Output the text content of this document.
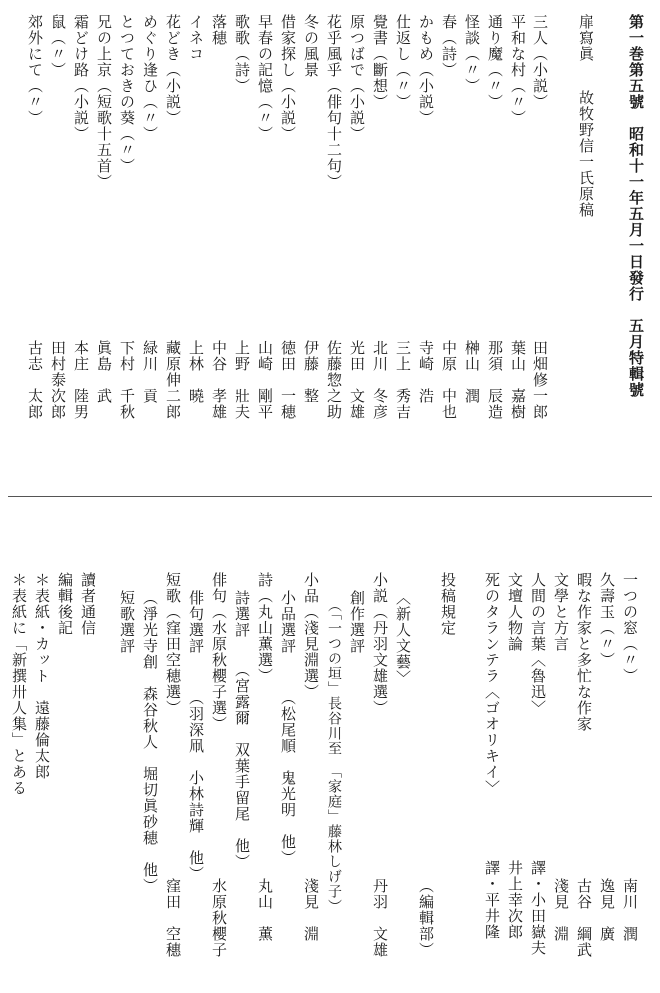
第一巻第五號　昭和十一年五月一日發行　五月特輯號
扉寫眞
故牧野信一氏原稿
三人（小説）
平和な村（〃）
通り魔（〃）
怪談（〃）
春（詩）
かもめ（小説）
仕返し（〃）
覺書（斷想）
原つばで（小説）
花乎風乎（俳句十二句）
冬の風景
借家探し（小説）
早春の記憶（〃）
歌歌（詩）
落穂
イネコ
花どき（小説）
めぐり逢ひ（〃）
とつておきの葵（〃）
兄の上京（短歌十五首）
霜どけ路（小説）
鼠（〃）
郊外にて（〃）
田畑修一郎
葉山　嘉樹
那須　辰造
榊山　潤
中原　中也
寺崎　浩
三上　秀吉
北川　冬彦
光田　文雄
佐藤惣之助
伊藤　整
徳田　一穂
山崎　剛平
上野　壯夫
中谷　孝雄
上林　曉
藏原伸二郎
緑川　貢
下村　千秋
眞島　武
本庄　陸男
田村泰次郎
古志　太郎
一つの窓（〃）
南川　潤
久壽玉（〃）
逸見　廣
暇な作家と多忙な作家
古谷　綱武
文學と方言
淺見　淵
人間の言葉〈魯迅〉
譯・小田嶽夫
文壇人物論
井上幸次郎
死のタランテラ〈ゴオリキイ〉
譯・平井隆
投稿規定
（編輯部）
〈新人文藝〉
小説（丹羽文雄選）
丹羽　文雄
創作選評
（「一つの垣」長谷川至　「家庭」藤林しげ子）
小品（淺見淵選）
淺見　淵
小品選評
（松尾順　鬼光明　他）
詩（丸山薫選）
丸山　薫
詩選評
（宮露爾　双葉手留尾　他）
俳句（水原秋櫻子選）
水原秋櫻子
俳句選評
（羽深凧　小林詩輝　他）
短歌（窪田空穂選）
窪田　空穗
（淨光寺創　森谷秋人　堀切眞砂穂　他）
短歌選評
讀者通信
編輯後記
＊表紙・カット　遠藤倫太郎
＊表紙に「新撰卅人集」とある
